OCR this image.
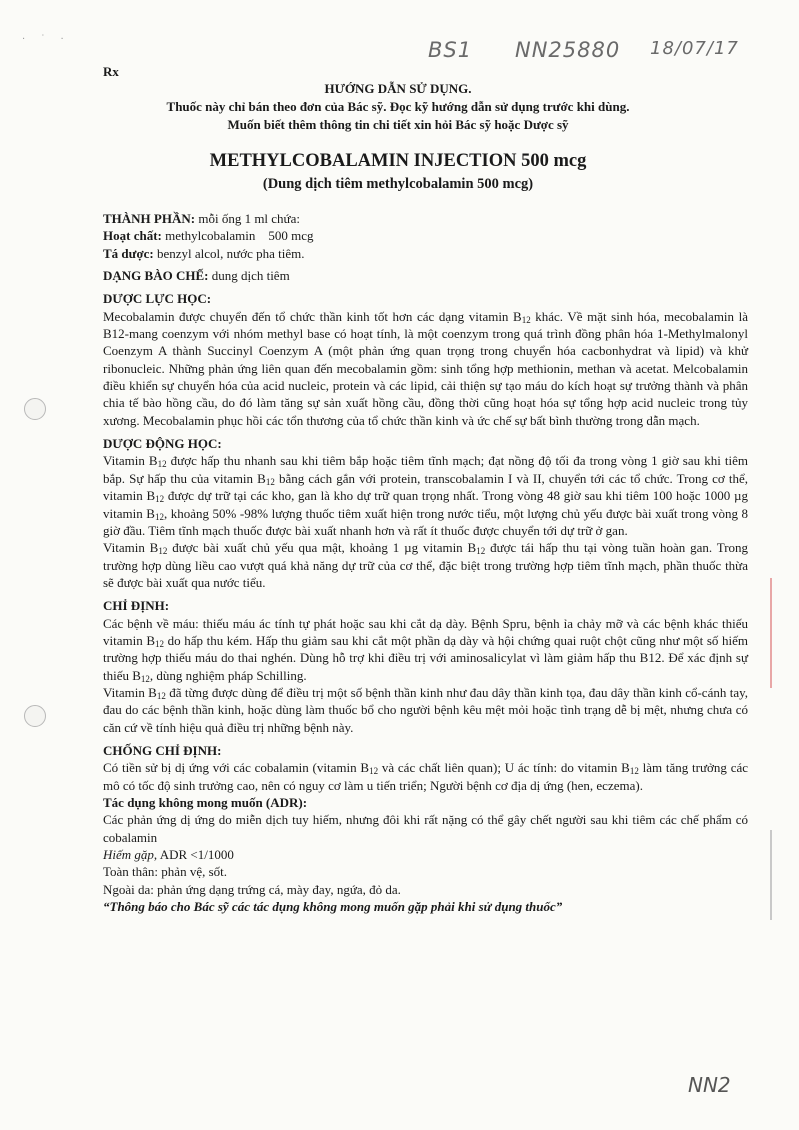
· ˙ ·	BS1 NN25880 18/07/17
Rx
HƯỚNG DẪN SỬ DỤNG.
Thuốc này chỉ bán theo đơn của Bác sỹ. Đọc kỹ hướng dẫn sử dụng trước khi dùng.
Muốn biết thêm thông tin chi tiết xin hỏi Bác sỹ hoặc Dược sỹ
METHYLCOBALAMIN INJECTION 500 mcg
(Dung dịch tiêm methylcobalamin 500 mcg)

THÀNH PHẦN: mỗi ống 1 ml chứa:

Hoạt chất: methylcobalamin    500 mcg

Tá dược: benzyl alcol, nước pha tiêm.

DẠNG BÀO CHẾ: dung dịch tiêm

DƯỢC LỰC HỌC:

Mecobalamin được chuyển đến tổ chức thần kinh tốt hơn các dạng vitamin $B_{12}$ khác. Về mặt sinh hóa, mecobalamin là B12-mang coenzym với nhóm methyl base có hoạt tính, là một coenzym trong quá trình đồng phân hóa 1-Methylmalonyl Coenzym A thành Succinyl Coenzym A (một phản ứng quan trọng trong chuyển hóa cacbonhydrat và lipid) và khử ribonucleic. Những phản ứng liên quan đến mecobalamin gồm: sinh tổng hợp methionin, methan và acetat. Melcobalamin điều khiển sự chuyển hóa của acid nucleic, protein và các lipid, cải thiện sự tạo máu do kích hoạt sự trưởng thành và phân chia tế bào hồng cầu, do đó làm tăng sự sản xuất hồng cầu, đồng thời cũng hoạt hóa sự tổng hợp acid nucleic trong tủy xương. Mecobalamin phục hồi các tổn thương của tổ chức thần kinh và ức chế sự bất bình thường trong dẫn mạch.

DƯỢC ĐỘNG HỌC:

Vitamin $B_{12}$ được hấp thu nhanh sau khi tiêm bắp hoặc tiêm tĩnh mạch; đạt nồng độ tối đa trong vòng 1 giờ sau khi tiêm bắp. Sự hấp thu của vitamin $B_{12}$ bằng cách gắn với protein, transcobalamin I và II, chuyển tới các tổ chức. Trong cơ thể, vitamin $B_{12}$ được dự trữ tại các kho, gan là kho dự trữ quan trọng nhất. Trong vòng 48 giờ sau khi tiêm 100 hoặc 1000 µg vitamin $B_{12}$, khoảng 50% -98% lượng thuốc tiêm xuất hiện trong nước tiểu, một lượng chủ yếu được bài xuất trong vòng 8 giờ đầu. Tiêm tĩnh mạch thuốc được bài xuất nhanh hơn và rất ít thuốc được chuyển tới dự trữ ở gan.

Vitamin $B_{12}$ được bài xuất chủ yếu qua mật, khoảng 1 µg vitamin $B_{12}$ được tái hấp thu tại vòng tuần hoàn gan. Trong trường hợp dùng liều cao vượt quá khả năng dự trữ của cơ thể, đặc biệt trong trường hợp tiêm tĩnh mạch, phần thuốc thừa sẽ được bài xuất qua nước tiểu.

CHỈ ĐỊNH:

Các bệnh về máu: thiếu máu ác tính tự phát hoặc sau khi cắt dạ dày. Bệnh Spru, bệnh ỉa chảy mỡ và các bệnh khác thiếu vitamin $B_{12}$ do hấp thu kém. Hấp thu giảm sau khi cắt một phần dạ dày và hội chứng quai ruột chột cũng như một số hiếm trường hợp thiếu máu do thai nghén. Dùng hỗ trợ khi điều trị với aminosalicylat vì làm giảm hấp thu B12. Để xác định sự thiếu $B_{12}$, dùng nghiệm pháp Schilling.

Vitamin $B_{12}$ đã từng được dùng để điều trị một số bệnh thần kinh như đau dây thần kinh tọa, đau dây thần kinh cổ-cánh tay, đau do các bệnh thần kinh, hoặc dùng làm thuốc bổ cho người bệnh kêu mệt mỏi hoặc tình trạng dễ bị mệt, nhưng chưa có căn cứ về tính hiệu quả điều trị những bệnh này.

CHỐNG CHỈ ĐỊNH:

Có tiền sử bị dị ứng với các cobalamin (vitamin $B_{12}$ và các chất liên quan); U ác tính: do vitamin $B_{12}$ làm tăng trưởng các mô có tốc độ sinh trưởng cao, nên có nguy cơ làm u tiến triển; Người bệnh cơ địa dị ứng (hen, eczema).

Tác dụng không mong muốn (ADR):

Các phản ứng dị ứng do miễn dịch tuy hiếm, nhưng đôi khi rất nặng có thể gây chết người sau khi tiêm các chế phẩm có cobalamin

Hiếm gặp, ADR <1/1000

Toàn thân: phản vệ, sốt.

Ngoài da: phản ứng dạng trứng cá, mày đay, ngứa, đỏ da.

“Thông báo cho Bác sỹ các tác dụng không mong muốn gặp phải khi sử dụng thuốc”

NN2
